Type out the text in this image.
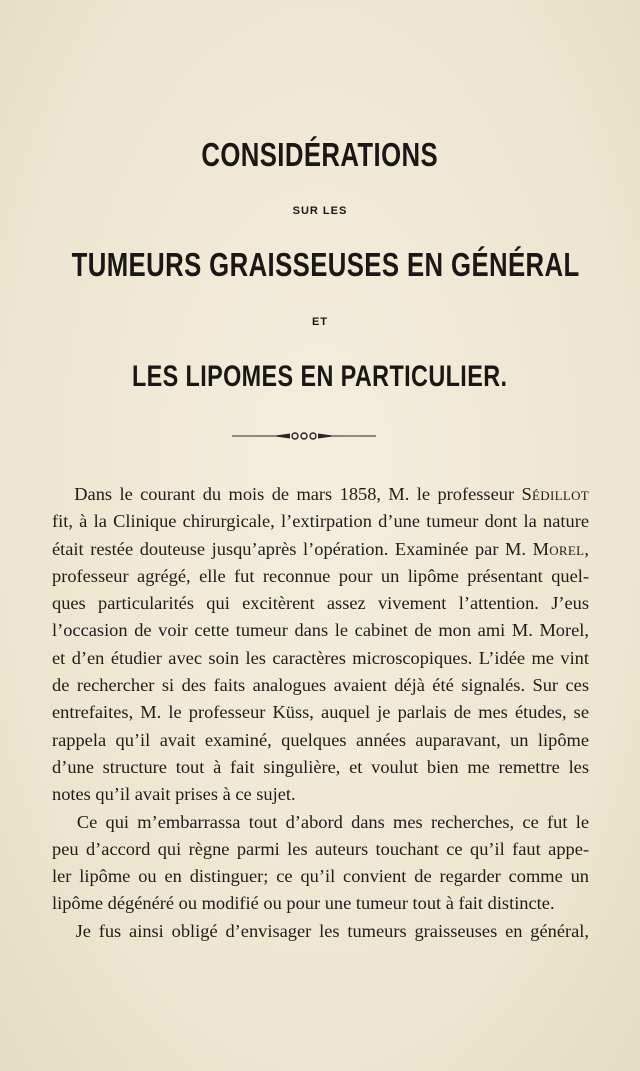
CONSIDÉRATIONS
SUR LES
TUMEURS GRAISSEUSES EN GÉNÉRAL
ET
LES LIPOMES EN PARTICULIER.
Dans le courant du mois de mars 1858, M. le professeur Sédillot
fit, à la Clinique chirurgicale, l’extirpation d’une tumeur dont la nature
était restée douteuse jusqu’après l’opération. Examinée par M. Morel,
professeur agrégé, elle fut reconnue pour un lipôme présentant quel-
ques particularités qui excitèrent assez vivement l’attention. J’eus
l’occasion de voir cette tumeur dans le cabinet de mon ami M. Morel,
et d’en étudier avec soin les caractères microscopiques. L’idée me vint
de rechercher si des faits analogues avaient déjà été signalés. Sur ces
entrefaites, M. le professeur Küss, auquel je parlais de mes études, se
rappela qu’il avait examiné, quelques années auparavant, un lipôme
d’une structure tout à fait singulière, et voulut bien me remettre les
notes qu’il avait prises à ce sujet.
Ce qui m’embarrassa tout d’abord dans mes recherches, ce fut le
peu d’accord qui règne parmi les auteurs touchant ce qu’il faut appe-
ler lipôme ou en distinguer; ce qu’il convient de regarder comme un
lipôme dégénéré ou modifié ou pour une tumeur tout à fait distincte.
Je fus ainsi obligé d’envisager les tumeurs graisseuses en général,
